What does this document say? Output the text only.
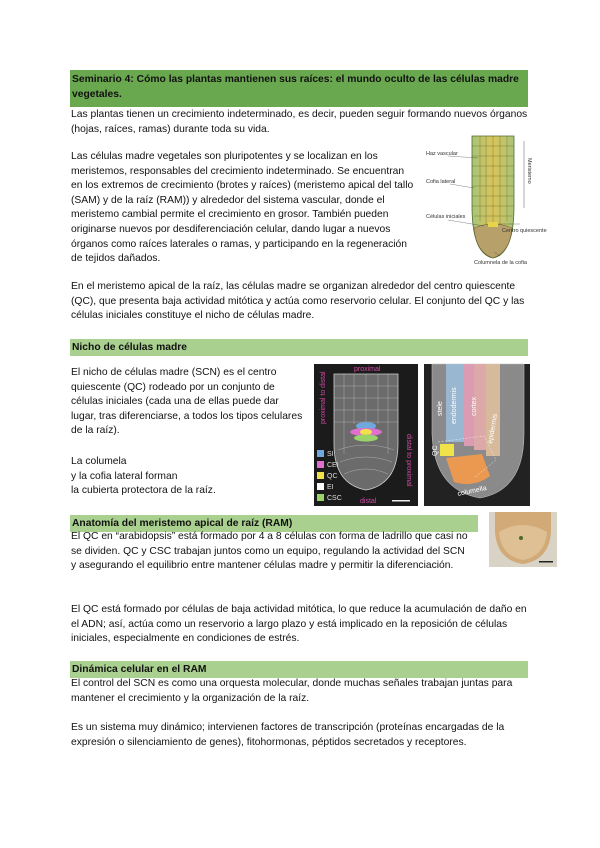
Seminario 4: Cómo las plantas mantienen sus raíces: el mundo oculto de las células madre vegetales.

Las plantas tienen un crecimiento indeterminado, es decir, pueden seguir formando nuevos órganos (hojas, raíces, ramas) durante toda su vida.

Las células madre vegetales son pluripotentes y se localizan en los meristemos, responsables del crecimiento indeterminado. Se encuentran en los extremos de crecimiento (brotes y raíces) (meristemo apical del tallo (SAM) y de la raíz (RAM)) y alrededor del sistema vascular, donde el meristemo cambial permite el crecimiento en grosor. También pueden originarse nuevos por desdiferenciación celular, dando lugar a nuevos órganos como raíces laterales o ramas, y participando en la regeneración de tejidos dañados.

Haz vascular
Cofia lateral
Células iniciales
Centro quiescente
Columnela de la cofia
Meristemo

En el meristemo apical de la raíz, las células madre se organizan alrededor del centro quiescente (QC), que presenta baja actividad mitótica y actúa como reservorio celular. El conjunto del QC y las células iniciales constituye el nicho de células madre.

Nicho de células madre

El nicho de células madre (SCN) es el centro quiescente (QC) rodeado por un conjunto de células iniciales (cada una de ellas puede dar lugar, tras diferenciarse, a todos los tipos celulares de la raíz).

La columela
y la cofia lateral forman
la cubierta protectora de la raíz.
proximal
proximal to distal
distal to proximal
distal
SI
CEI
QC
EI
CSC
stele endodermis cortex
epidermis
QC
columella
Anatomía del meristemo apical de raíz (RAM)

El QC en “arabidopsis” está formado por 4 a 8 células con forma de ladrillo que casi no se dividen. QC y CSC trabajan juntos como un equipo, regulando la actividad del SCN y asegurando el equilibrio entre mantener células madre y permitir la diferenciación.

El QC está formado por células de baja actividad mitótica, lo que reduce la acumulación de daño en el ADN; así, actúa como un reservorio a largo plazo y está implicado en la reposición de células iniciales, especialmente en condiciones de estrés.

Dinámica celular en el RAM

El control del SCN es como una orquesta molecular, donde muchas señales trabajan juntas para mantener el crecimiento y la organización de la raíz.

Es un sistema muy dinámico; intervienen factores de transcripción (proteínas encargadas de la expresión o silenciamiento de genes), fitohormonas, péptidos secretados y receptores.
